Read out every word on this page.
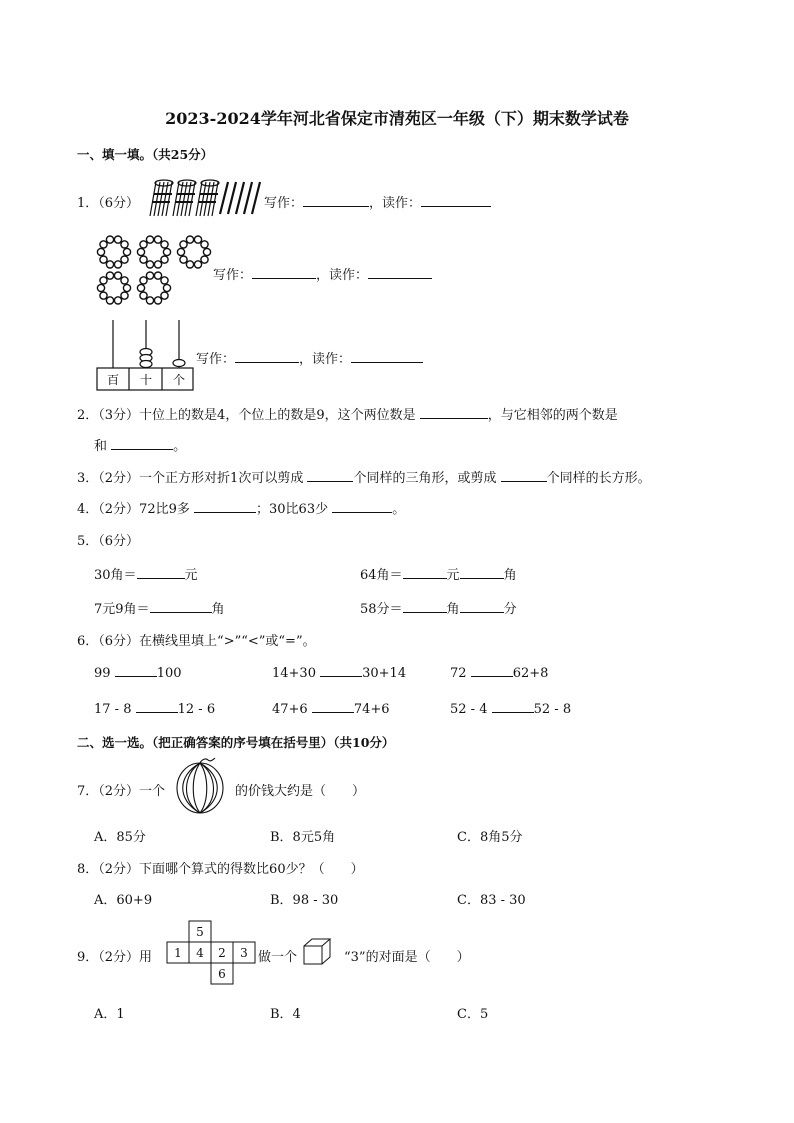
2023-2024学年河北省保定市清苑区一年级（下）期末数学试卷
一、填一填。（共25分）
1．（6分）	写作：	，读作：
写作：	，读作：
百 十 个
写作：	，读作：
2．（3分）十位上的数是4，个位上的数是9，这个两位数是	，与它相邻的两个数是
和	。
3．（2分）一个正方形对折1次可以剪成	个同样的三角形，或剪成	个同样的长方形。
4．（2分）72比9多	；30比63少	。
5．（6分）
30角＝	元	64角＝	元	角
7元9角＝	角	58分＝	角	分
6．（6分）在横线里填上“>”“<”或“=”。
99	100	14+30	30+14	72	62+8
17 - 8	12 - 6	47+6	74+6	52 - 4	52 - 8
二、选一选。（把正确答案的序号填在括号里）（共10分）
7．（2分）一个	的价钱大约是（　　）
A．85分	B．8元5角	C．8角5分
8．（2分）下面哪个算式的得数比60少？（　　）
A．60+9	B．98 - 30	C．83 - 30
9．（2分）用
5
1 4 2 3
6
做一个	“3”的对面是（　　）
A．1	B．4	C．5
